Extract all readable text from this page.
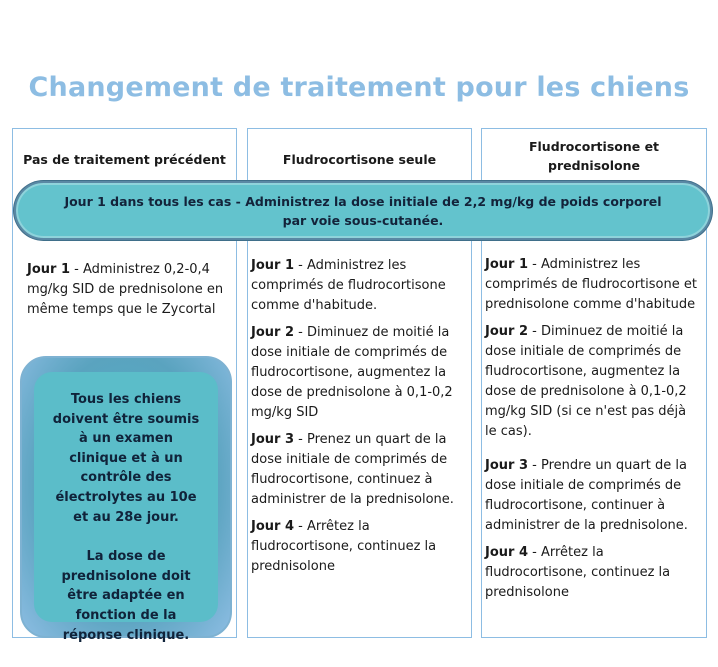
Changement de traitement pour les chiens
Pas de traitement précédent
Jour 1 - Administrez 0,2-0,4 mg/kg SID de prednisolone en même temps que le Zycortal
Fludrocortisone seule
Jour 1 - Administrez les comprimés de fludrocortisone comme d'habitude.
Jour 2 - Diminuez de moitié la dose initiale de comprimés de fludrocortisone, augmentez la dose de prednisolone à 0,1-0,2 mg/kg SID
Jour 3 - Prenez un quart de la dose initiale de comprimés de fludrocortisone, continuez à administrer de la prednisolone.
Jour 4 - Arrêtez la fludrocortisone, continuez la prednisolone
Fludrocortisone et prednisolone
Jour 1 - Administrez les comprimés de fludrocortisone et prednisolone comme d'habitude
Jour 2 - Diminuez de moitié la dose initiale de comprimés de fludrocortisone, augmentez la dose de prednisolone à 0,1-0,2 mg/kg SID (si ce n'est pas déjà le cas).
Jour 3 - Prendre un quart de la dose initiale de comprimés de fludrocortisone, continuer à administrer de la prednisolone.
Jour 4 - Arrêtez la fludrocortisone, continuez la prednisolone
Jour 1 dans tous les cas - Administrez la dose initiale de 2,2 mg/kg de poids corporel par voie sous-cutanée.

Tous les chiens doivent être soumis à un examen clinique et à un contrôle des électrolytes au 10e et au 28e jour.

La dose de prednisolone doit être adaptée en fonction de la réponse clinique.
